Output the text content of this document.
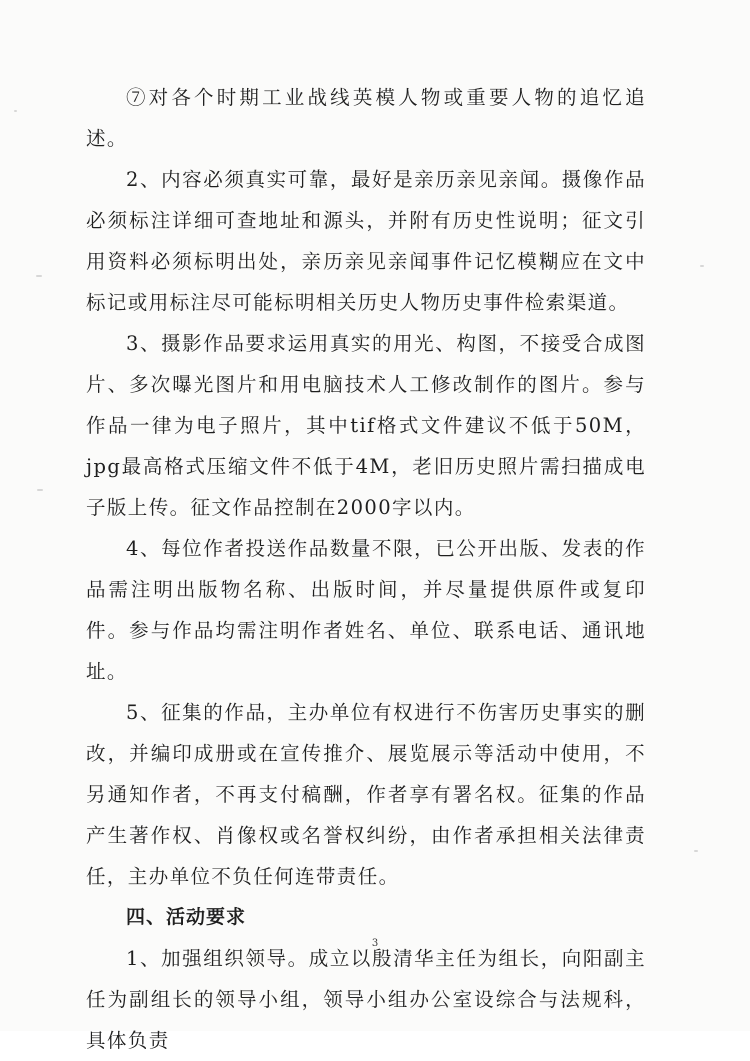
⑦对各个时期工业战线英模人物或重要人物的追忆追述。

2、内容必须真实可靠，最好是亲历亲见亲闻。摄像作品必须标注详细可查地址和源头，并附有历史性说明；征文引用资料必须标明出处，亲历亲见亲闻事件记忆模糊应在文中标记或用标注尽可能标明相关历史人物历史事件检索渠道。

3、摄影作品要求运用真实的用光、构图，不接受合成图片、多次曝光图片和用电脑技术人工修改制作的图片。参与作品一律为电子照片，其中tif格式文件建议不低于50M，jpg最高格式压缩文件不低于4M，老旧历史照片需扫描成电子版上传。征文作品控制在2000字以内。

4、每位作者投送作品数量不限，已公开出版、发表的作品需注明出版物名称、出版时间，并尽量提供原件或复印件。参与作品均需注明作者姓名、单位、联系电话、通讯地址。

5、征集的作品，主办单位有权进行不伤害历史事实的删改，并编印成册或在宣传推介、展览展示等活动中使用，不另通知作者，不再支付稿酬，作者享有署名权。征集的作品产生著作权、肖像权或名誉权纠纷，由作者承担相关法律责任，主办单位不负任何连带责任。

四、活动要求

1、加强组织领导。成立以殷清华主任为组长，向阳副主任为副组长的领导小组，领导小组办公室设综合与法规科，具体负责

3
